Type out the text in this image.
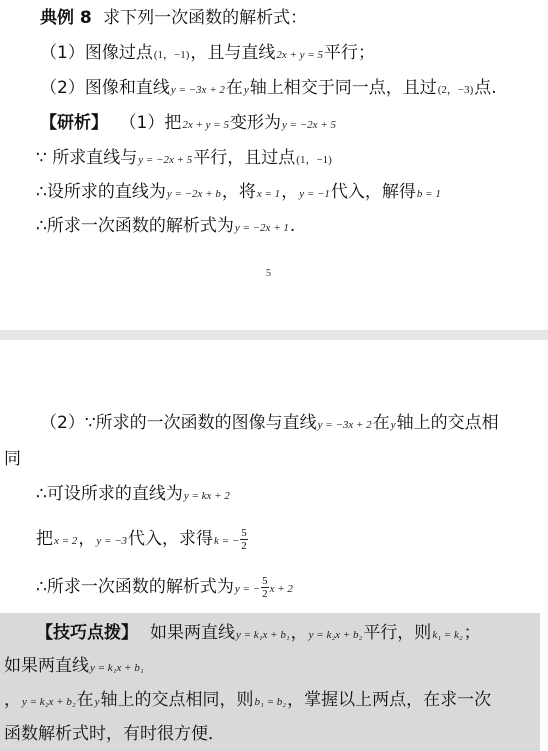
典例 8 求下列一次函数的解析式：
（1）图像过点(1，−1)，且与直线2x + y = 5平行；
（2）图像和直线y = −3x + 2在y轴上相交于同一点，且过(2，−3)点.
【研析】 （1）把2x + y = 5变形为y = −2x + 5
∵ 所求直线与y = −2x + 5平行，且过点(1，−1)
∴设所求的直线为y = −2x + b，将x = 1，y = −1代入，解得b = 1
∴所求一次函数的解析式为y = −2x + 1.
5
（2）∵所求的一次函数的图像与直线y = −3x + 2在y轴上的交点相
同
∴可设所求的直线为y = kx + 2
把x = 2，y = −3代入，求得k = − $\frac{5}{2}$
∴所求一次函数的解析式为y = − $\frac{5}{2}$ x + 2
【技巧点拨】 如果两直线y = k₁x + b₁，y = k₂x + b₂平行，则k₁ = k₂；
如果两直线y = k₁x + b₁
，y = k₂x + b₂在y轴上的交点相同，则b₁ = b₂，掌握以上两点，在求一次
函数解析式时，有时很方便．
